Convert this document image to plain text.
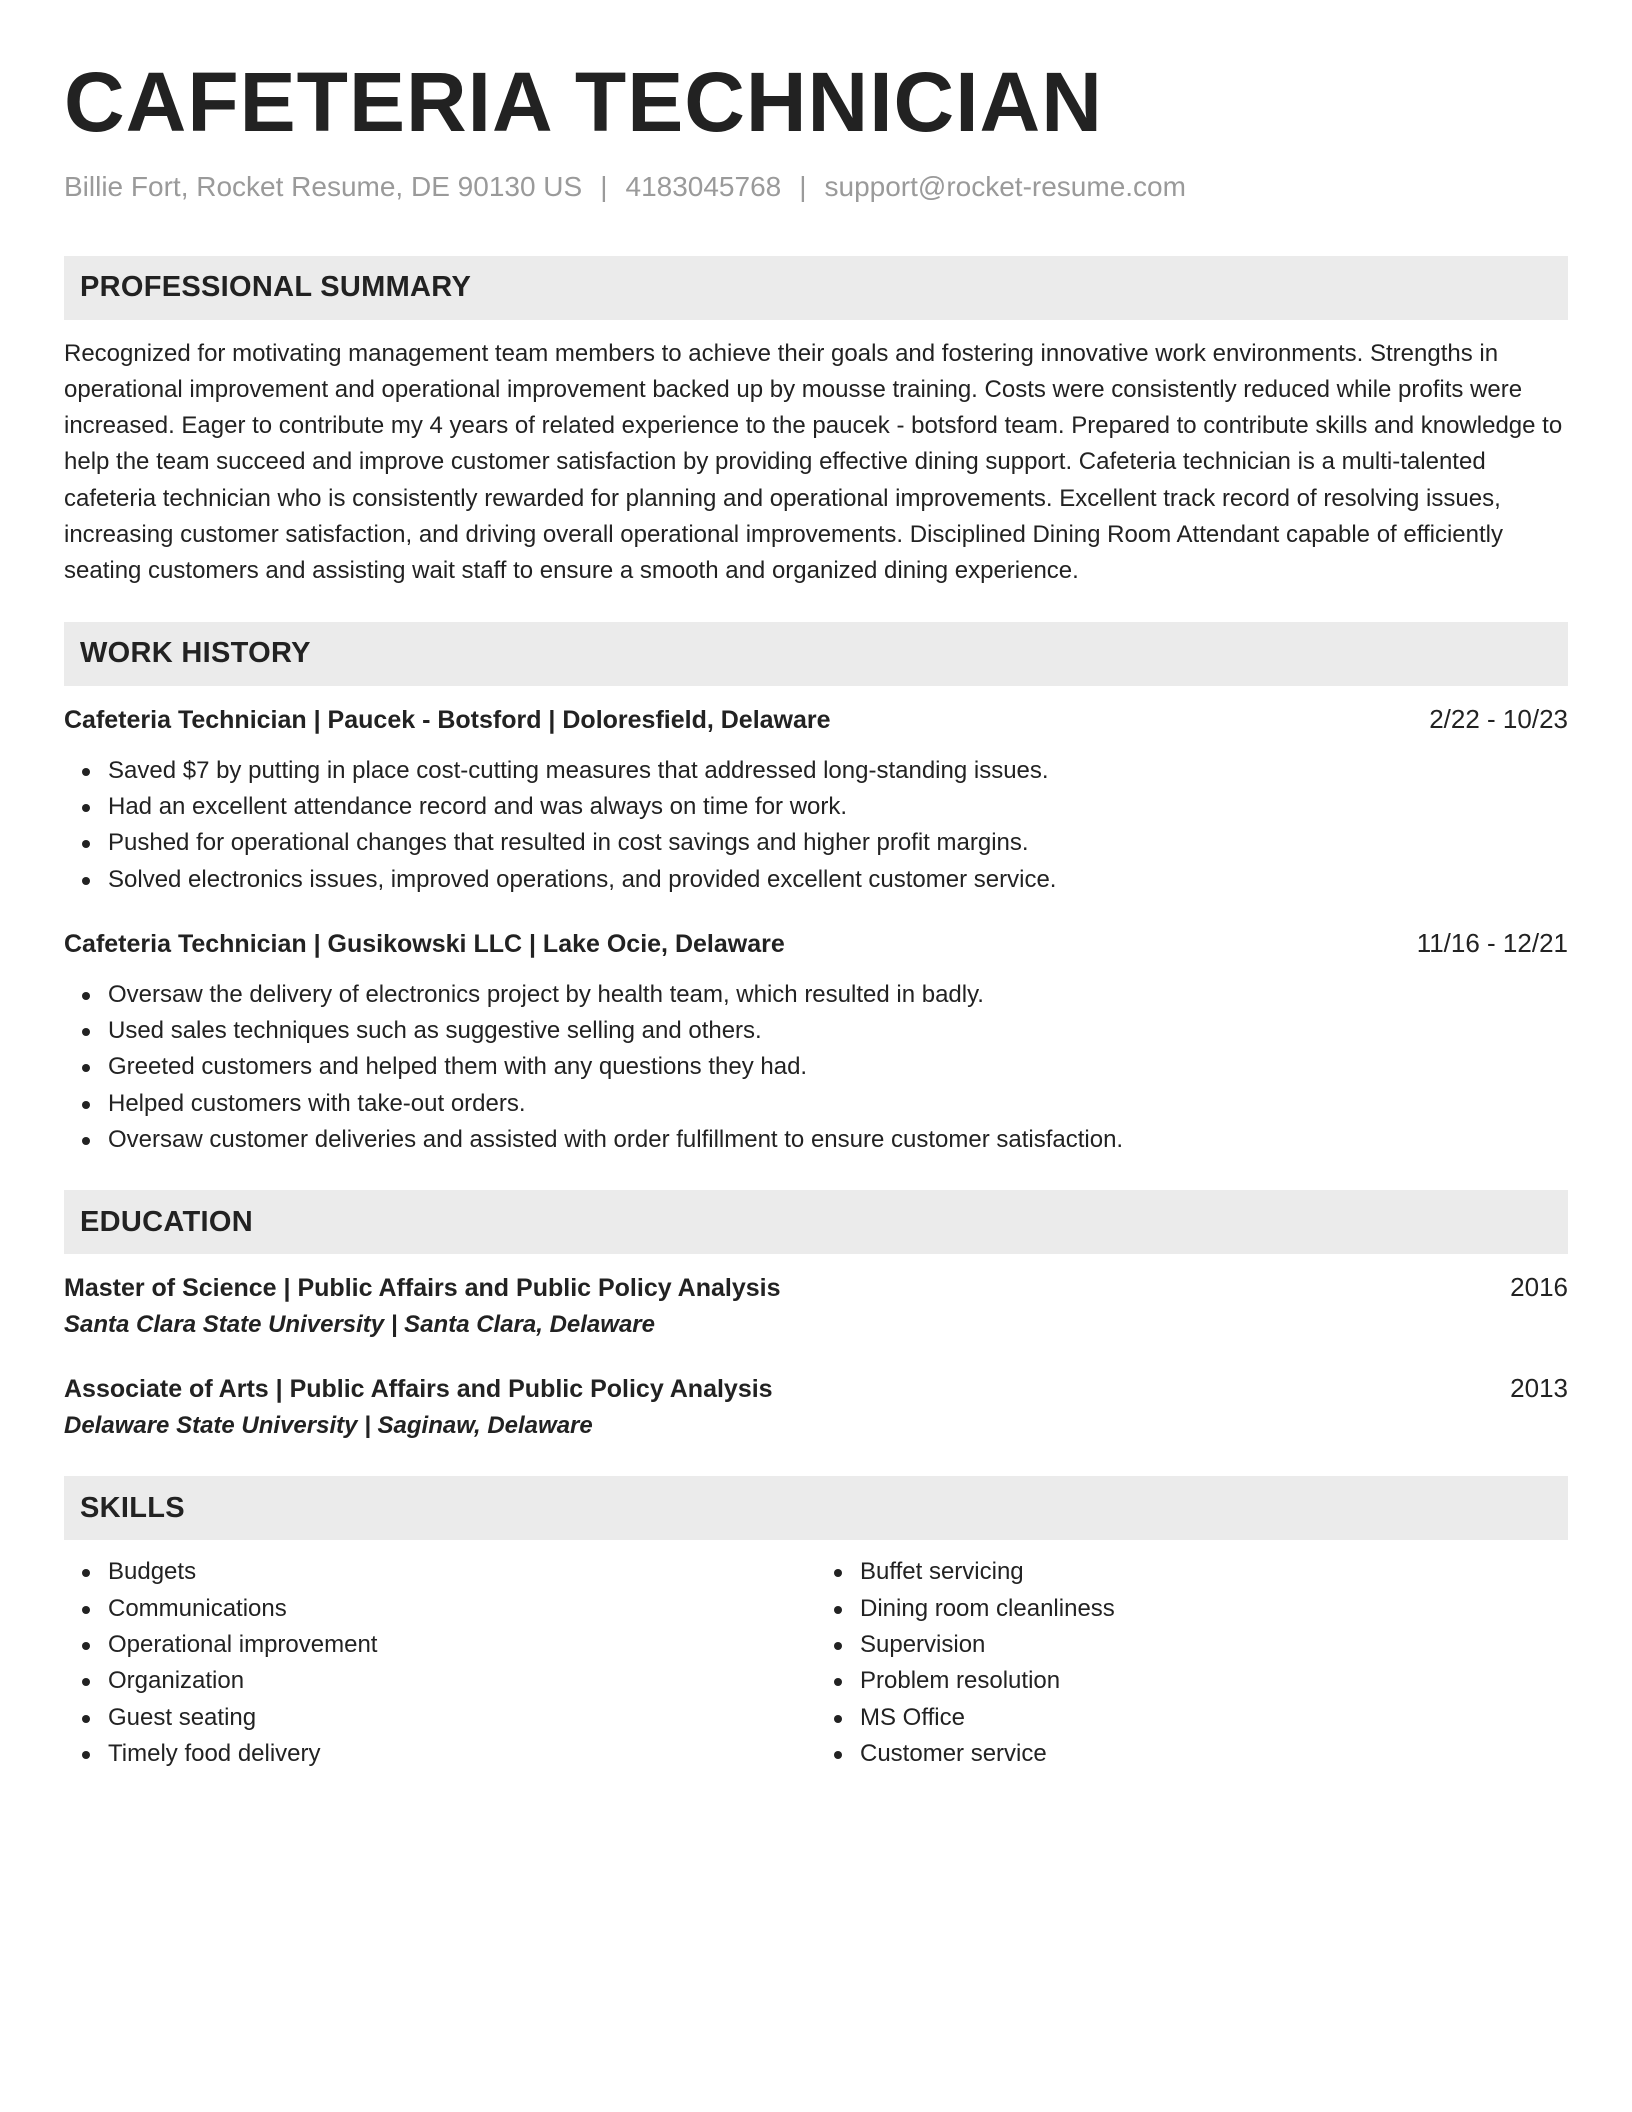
CAFETERIA TECHNICIAN
Billie Fort, Rocket Resume, DE 90130 US | 4183045768 | support@rocket-resume.com
PROFESSIONAL SUMMARY

Recognized for motivating management team members to achieve their goals and fostering innovative work environments. Strengths in operational improvement and operational improvement backed up by mousse training. Costs were consistently reduced while profits were increased. Eager to contribute my 4 years of related experience to the paucek - botsford team. Prepared to contribute skills and knowledge to help the team succeed and improve customer satisfaction by providing effective dining support. Cafeteria technician is a multi-talented cafeteria technician who is consistently rewarded for planning and operational improvements. Excellent track record of resolving issues, increasing customer satisfaction, and driving overall operational improvements. Disciplined Dining Room Attendant capable of efficiently seating customers and assisting wait staff to ensure a smooth and organized dining experience.

WORK HISTORY
Cafeteria Technician | Paucek - Botsford | Doloresfield, Delaware	2/22 - 10/23
Saved $7 by putting in place cost-cutting measures that addressed long-standing issues.
Had an excellent attendance record and was always on time for work.
Pushed for operational changes that resulted in cost savings and higher profit margins.
Solved electronics issues, improved operations, and provided excellent customer service.
Cafeteria Technician | Gusikowski LLC | Lake Ocie, Delaware	11/16 - 12/21
Oversaw the delivery of electronics project by health team, which resulted in badly.
Used sales techniques such as suggestive selling and others.
Greeted customers and helped them with any questions they had.
Helped customers with take-out orders.
Oversaw customer deliveries and assisted with order fulfillment to ensure customer satisfaction.
EDUCATION
Master of Science | Public Affairs and Public Policy Analysis	2016
Santa Clara State University | Santa Clara, Delaware
Associate of Arts | Public Affairs and Public Policy Analysis	2013
Delaware State University | Saginaw, Delaware
SKILLS
Budgets
Communications
Operational improvement
Organization
Guest seating
Timely food delivery
Buffet servicing
Dining room cleanliness
Supervision
Problem resolution
MS Office
Customer service
